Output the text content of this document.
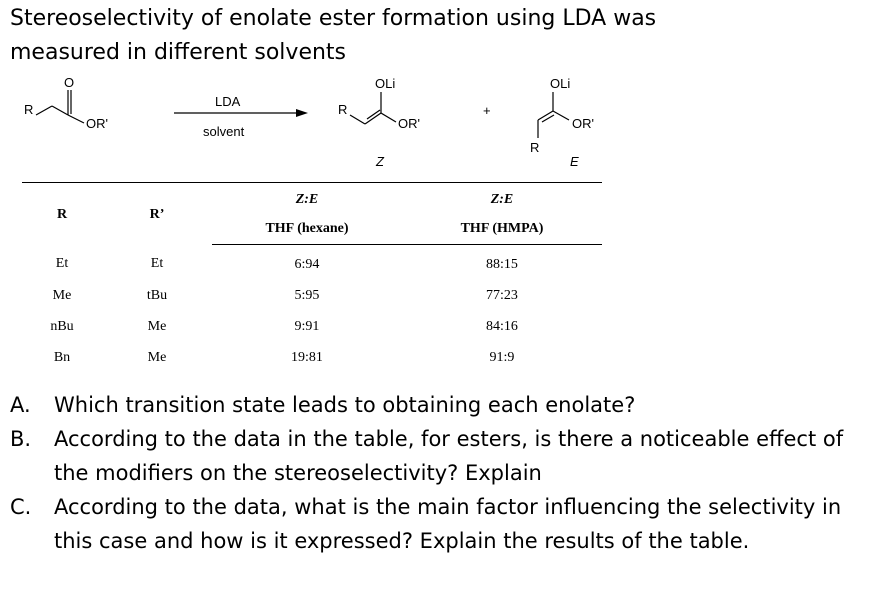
Stereoselectivity of enolate ester formation using LDA was
measured in different solvents
R
O
OR'
LDA
solvent
R
OLi
OR'
Z
+
R
OLi
OR'
E
R	R’	Z:E	Z:E
		THF (hexane)	THF (HMPA)
Et	Et	6:94	88:15
Me	tBu	5:95	77:23
nBu	Me	9:91	84:16
Bn	Me	19:81	91:9
A. Which transition state leads to obtaining each enolate?
B. According to the data in the table, for esters, is there a noticeable effect of the modifiers on the stereoselectivity? Explain
C. According to the data, what is the main factor influencing the selectivity in this case and how is it expressed? Explain the results of the table.
